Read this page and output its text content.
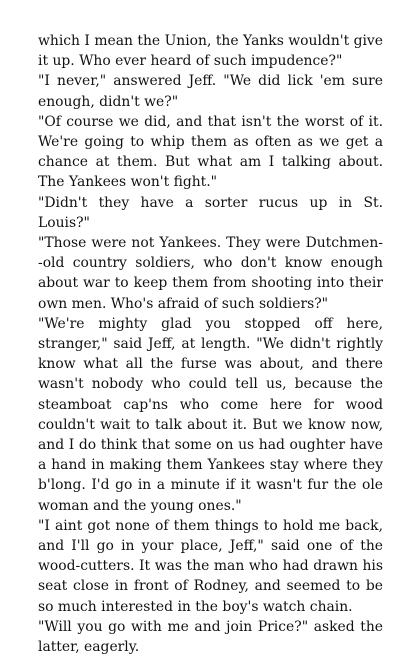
which I mean the Union, the Yanks wouldn't give it up. Who ever heard of such impudence?"

"I never," answered Jeff. "We did lick 'em sure enough, didn't we?"

"Of course we did, and that isn't the worst of it. We're going to whip them as often as we get a chance at them. But what am I talking about. The Yankees won't fight."

"Didn't they have a sorter rucus up in St. Louis?"

"Those were not Yankees. They were Dutchmen--old country soldiers, who don't know enough about war to keep them from shooting into their own men. Who's afraid of such soldiers?"

"We're mighty glad you stopped off here, stranger," said Jeff, at length. "We didn't rightly know what all the furse was about, and there wasn't nobody who could tell us, because the steamboat cap'ns who come here for wood couldn't wait to talk about it. But we know now, and I do think that some on us had oughter have a hand in making them Yankees stay where they b'long. I'd go in a minute if it wasn't fur the ole woman and the young ones."

"I aint got none of them things to hold me back, and I'll go in your place, Jeff," said one of the wood-cutters. It was the man who had drawn his seat close in front of Rodney, and seemed to be so much interested in the boy's watch chain.

"Will you go with me and join Price?" asked the latter, eagerly.
